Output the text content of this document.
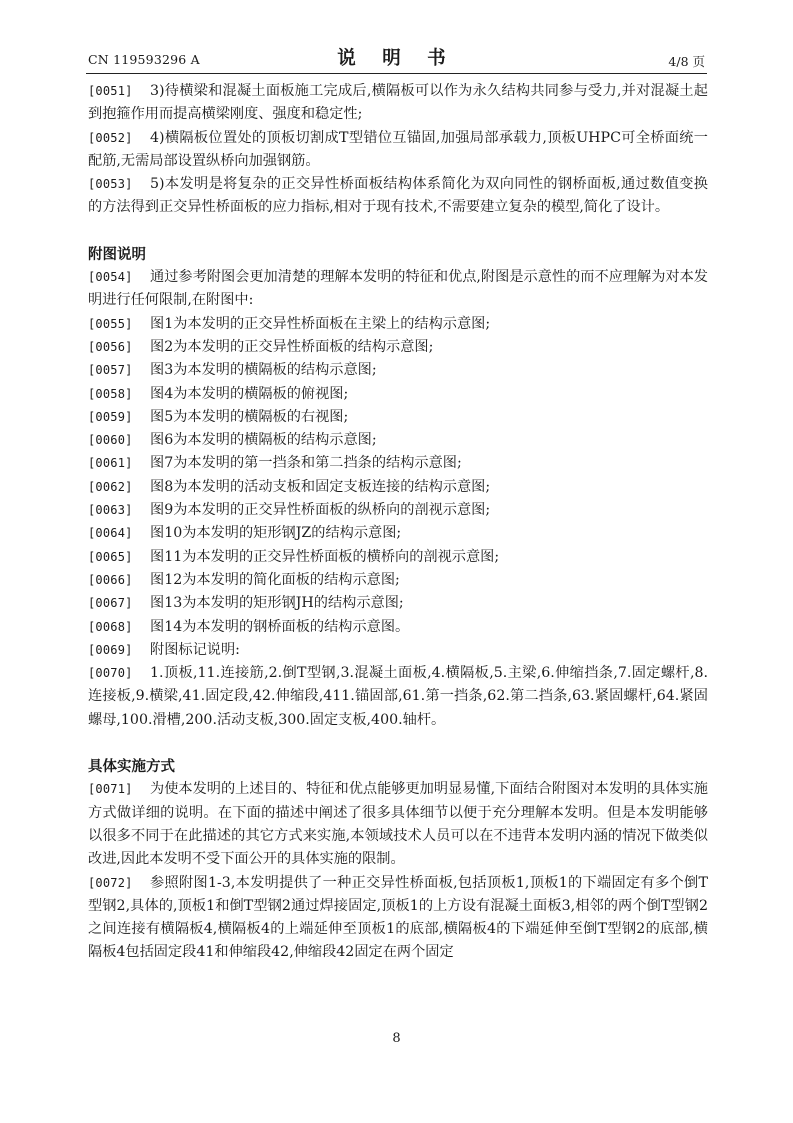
CN 119593296 A	说 明 书	4/8 页
[0051]	3)待横梁和混凝土面板施工完成后,横隔板可以作为永久结构共同参与受力,并对混凝土起到抱箍作用而提高横梁刚度、强度和稳定性;
[0052]	4)横隔板位置处的顶板切割成T型错位互锚固,加强局部承载力,顶板UHPC可全桥面统一配筋,无需局部设置纵桥向加强钢筋。
[0053]	5)本发明是将复杂的正交异性桥面板结构体系简化为双向同性的钢桥面板,通过数值变换的方法得到正交异性桥面板的应力指标,相对于现有技术,不需要建立复杂的模型,简化了设计。
附图说明
[0054]	通过参考附图会更加清楚的理解本发明的特征和优点,附图是示意性的而不应理解为对本发明进行任何限制,在附图中:
[0055]	图1为本发明的正交异性桥面板在主梁上的结构示意图;
[0056]	图2为本发明的正交异性桥面板的结构示意图;
[0057]	图3为本发明的横隔板的结构示意图;
[0058]	图4为本发明的横隔板的俯视图;
[0059]	图5为本发明的横隔板的右视图;
[0060]	图6为本发明的横隔板的结构示意图;
[0061]	图7为本发明的第一挡条和第二挡条的结构示意图;
[0062]	图8为本发明的活动支板和固定支板连接的结构示意图;
[0063]	图9为本发明的正交异性桥面板的纵桥向的剖视示意图;
[0064]	图10为本发明的矩形钢JZ的结构示意图;
[0065]	图11为本发明的正交异性桥面板的横桥向的剖视示意图;
[0066]	图12为本发明的简化面板的结构示意图;
[0067]	图13为本发明的矩形钢JH的结构示意图;
[0068]	图14为本发明的钢桥面板的结构示意图。
[0069]	附图标记说明:
[0070]	1.顶板,11.连接筋,2.倒T型钢,3.混凝土面板,4.横隔板,5.主梁,6.伸缩挡条,7.固定螺杆,8.连接板,9.横梁,41.固定段,42.伸缩段,411.锚固部,61.第一挡条,62.第二挡条,63.紧固螺杆,64.紧固螺母,100.滑槽,200.活动支板,300.固定支板,400.轴杆。
具体实施方式
[0071]	为使本发明的上述目的、特征和优点能够更加明显易懂,下面结合附图对本发明的具体实施方式做详细的说明。在下面的描述中阐述了很多具体细节以便于充分理解本发明。但是本发明能够以很多不同于在此描述的其它方式来实施,本领域技术人员可以在不违背本发明内涵的情况下做类似改进,因此本发明不受下面公开的具体实施的限制。
[0072]	参照附图1-3,本发明提供了一种正交异性桥面板,包括顶板1,顶板1的下端固定有多个倒T型钢2,具体的,顶板1和倒T型钢2通过焊接固定,顶板1的上方设有混凝土面板3,相邻的两个倒T型钢2之间连接有横隔板4,横隔板4的上端延伸至顶板1的底部,横隔板4的下端延伸至倒T型钢2的底部,横隔板4包括固定段41和伸缩段42,伸缩段42固定在两个固定
8
